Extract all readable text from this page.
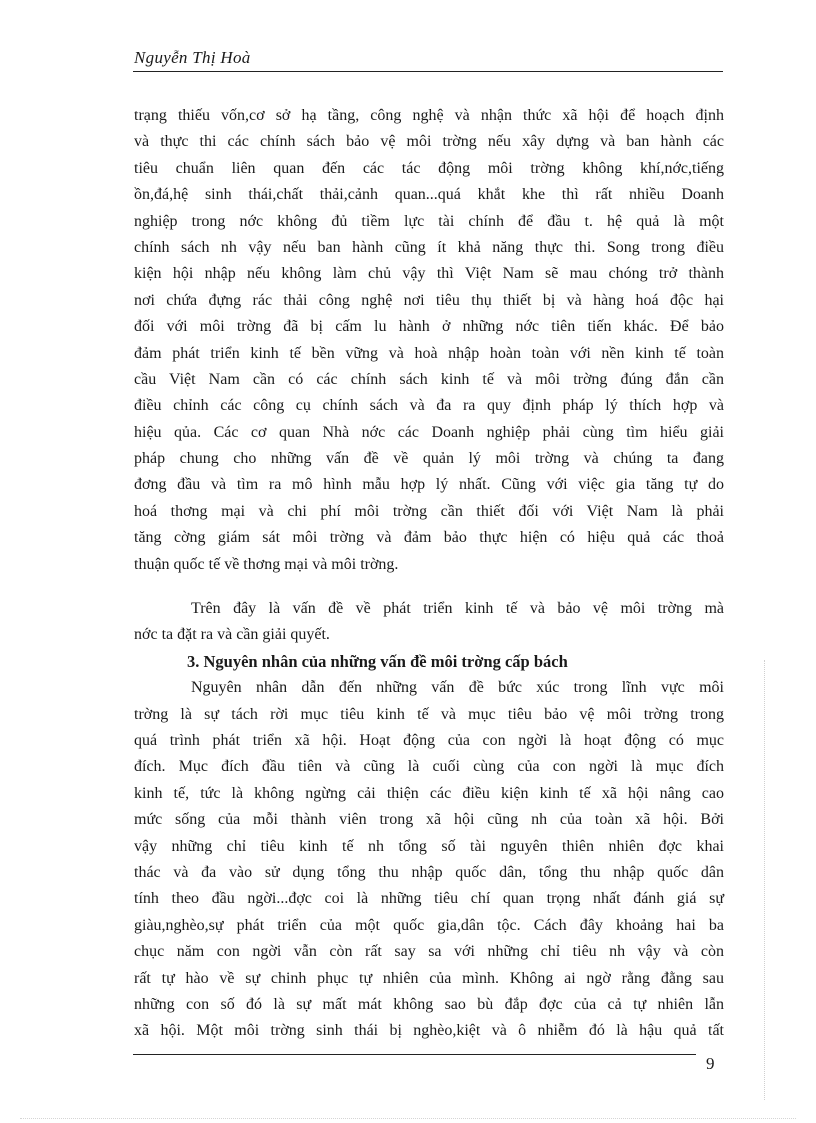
Nguyễn Thị Hoà

trạng thiếu vốn,cơ sở hạ tầng, công nghệ và nhận thức xã hội để hoạch định
và thực thi các chính sách bảo vệ môi trờng nếu xây dựng và ban hành các
tiêu chuẩn liên quan đến các tác động môi trờng không khí,nớc,tiếng
ồn,đá,hệ sinh thái,chất thải,cảnh quan...quá khắt khe thì rất nhiều Doanh
nghiệp trong nớc không đủ tiềm lực tài chính để đầu t. hệ quả là một
chính sách nh vậy nếu ban hành cũng ít khả năng thực thi. Song trong điều
kiện hội nhập nếu không làm chủ vậy thì Việt Nam sẽ mau chóng trở thành
nơi chứa đựng rác thải công nghệ nơi tiêu thụ thiết bị và hàng hoá độc hại
đối với môi trờng đã bị cấm lu hành ở những nớc tiên tiến khác. Để bảo
đảm phát triển kinh tế bền vững và hoà nhập hoàn toàn với nền kinh tế toàn
cầu Việt Nam cần có các chính sách kinh tế và môi trờng đúng đắn cần
điều chỉnh các công cụ chính sách và đa ra quy định pháp lý thích hợp và
hiệu qủa. Các cơ quan Nhà nớc các Doanh nghiệp phải cùng tìm hiểu giải
pháp chung cho những vấn đề về quản lý môi trờng và chúng ta đang
đơng đầu và tìm ra mô hình mẫu hợp lý nhất. Cũng với việc gia tăng tự do
hoá thơng mại và chi phí môi trờng cần thiết đối với Việt Nam là phải
tăng cờng giám sát môi trờng và đảm bảo thực hiện có hiệu quả các thoả
thuận quốc tế về thơng mại và môi trờng.

Trên đây là vấn đề về phát triển kinh tế và bảo vệ môi trờng mà
nớc ta đặt ra và cần giải quyết.

3. Nguyên nhân của những vấn đề môi trờng cấp bách

Nguyên nhân dẫn đến những vấn đề bức xúc trong lĩnh vực môi
trờng là sự tách rời mục tiêu kinh tế và mục tiêu bảo vệ môi trờng trong
quá trình phát triển xã hội. Hoạt động của con ngời là hoạt động có mục
đích. Mục đích đầu tiên và cũng là cuối cùng của con ngời là mục đích
kinh tế, tức là không ngừng cải thiện các điều kiện kinh tế xã hội nâng cao
mức sống của mỗi thành viên trong xã hội cũng nh của toàn xã hội. Bởi
vậy những chỉ tiêu kinh tế nh tổng số tài nguyên thiên nhiên đợc khai
thác và đa vào sử dụng tổng thu nhập quốc dân, tổng thu nhập quốc dân
tính theo đầu ngời...đợc coi là những tiêu chí quan trọng nhất đánh giá sự
giàu,nghèo,sự phát triển của một quốc gia,dân tộc. Cách đây khoảng hai ba
chục năm con ngời vẫn còn rất say sa với những chỉ tiêu nh vậy và còn
rất tự hào về sự chinh phục tự nhiên của mình. Không ai ngờ rằng đằng sau
những con số đó là sự mất mát không sao bù đắp đợc của cả tự nhiên lẫn
xã hội. Một môi trờng sinh thái bị nghèo,kiệt và ô nhiễm đó là hậu quả tất

9
